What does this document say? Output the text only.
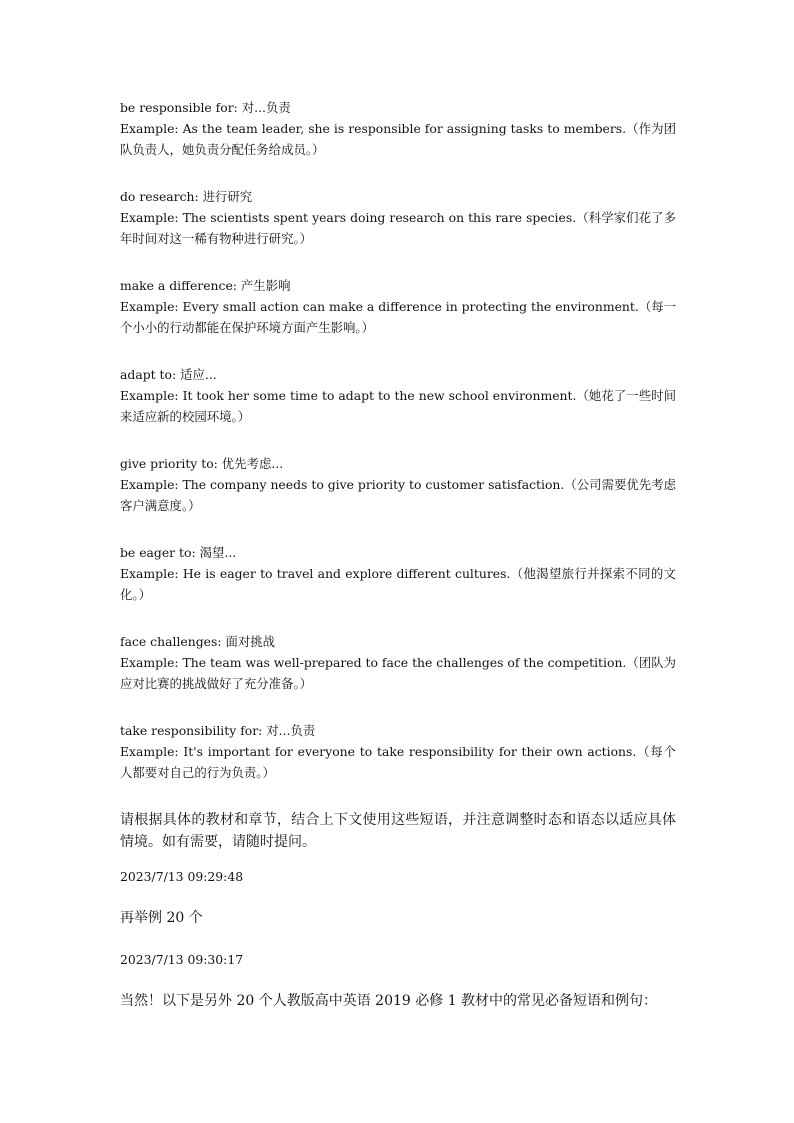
be responsible for: 对...负责
Example: As the team leader, she is responsible for assigning tasks to members.（作为团队负责人，她负责分配任务给成员。）
do research: 进行研究
Example: The scientists spent years doing research on this rare species.（科学家们花了多年时间对这一稀有物种进行研究。）
make a difference: 产生影响
Example: Every small action can make a difference in protecting the environment.（每一个小小的行动都能在保护环境方面产生影响。）
adapt to: 适应...
Example: It took her some time to adapt to the new school environment.（她花了一些时间来适应新的校园环境。）
give priority to: 优先考虑...
Example: The company needs to give priority to customer satisfaction.（公司需要优先考虑客户满意度。）
be eager to: 渴望...
Example: He is eager to travel and explore different cultures.（他渴望旅行并探索不同的文化。）
face challenges: 面对挑战
Example: The team was well-prepared to face the challenges of the competition.（团队为应对比赛的挑战做好了充分准备。）
take responsibility for: 对...负责
Example: It's important for everyone to take responsibility for their own actions.（每个人都要对自己的行为负责。）

请根据具体的教材和章节，结合上下文使用这些短语，并注意调整时态和语态以适应具体情境。如有需要，请随时提问。

2023/7/13 09:29:48
再举例 20 个
2023/7/13 09:30:17
当然！以下是另外 20 个人教版高中英语 2019 必修 1 教材中的常见必备短语和例句：
